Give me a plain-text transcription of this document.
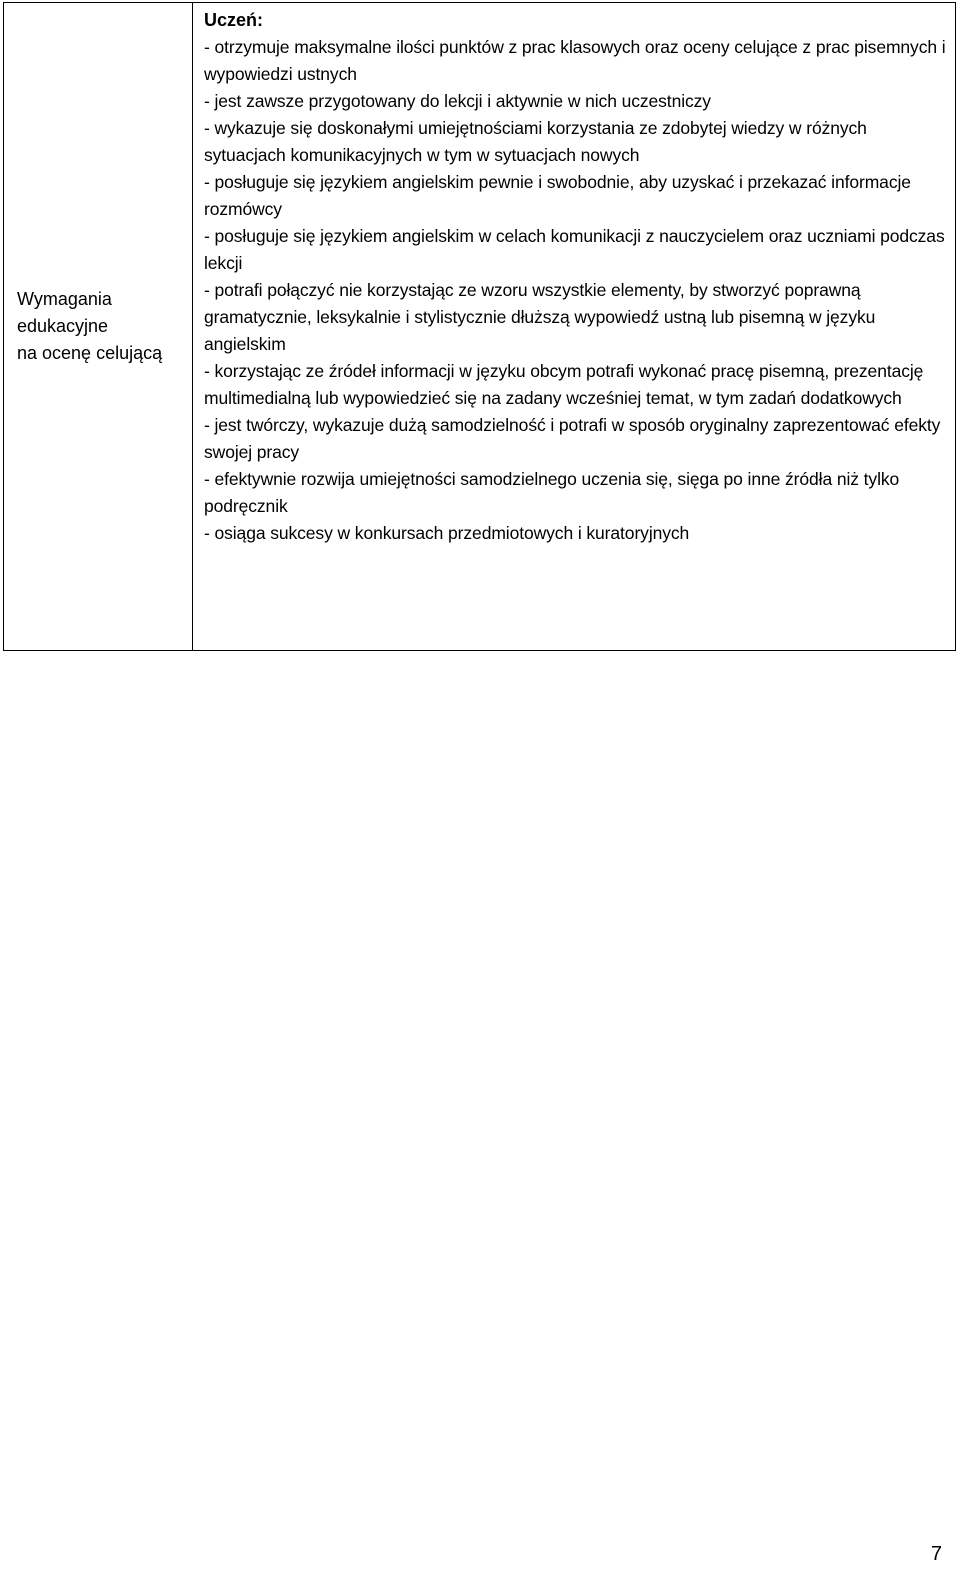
Wymagania
edukacyjne
na ocenę celującą
Uczeń:
- otrzymuje maksymalne ilości punktów z prac klasowych oraz oceny celujące z prac pisemnych i wypowiedzi ustnych
- jest zawsze przygotowany do lekcji i aktywnie w nich uczestniczy
- wykazuje się doskonałymi umiejętnościami korzystania ze zdobytej wiedzy w różnych sytuacjach komunikacyjnych w tym w sytuacjach nowych
- posługuje się językiem angielskim pewnie i swobodnie, aby uzyskać i przekazać informacje rozmówcy
- posługuje się językiem angielskim w celach komunikacji z nauczycielem oraz uczniami podczas lekcji
- potrafi połączyć nie korzystając ze wzoru wszystkie elementy, by stworzyć poprawną gramatycznie, leksykalnie i stylistycznie dłuższą wypowiedź ustną lub pisemną w języku angielskim
- korzystając ze źródeł informacji w języku obcym potrafi wykonać pracę pisemną, prezentację multimedialną lub wypowiedzieć się na zadany wcześniej temat, w tym zadań dodatkowych
- jest twórczy, wykazuje dużą samodzielność i potrafi w sposób oryginalny zaprezentować efekty swojej pracy
- efektywnie rozwija umiejętności samodzielnego uczenia się, sięga po inne źródła niż tylko podręcznik
- osiąga sukcesy w konkursach przedmiotowych i kuratoryjnych
7
